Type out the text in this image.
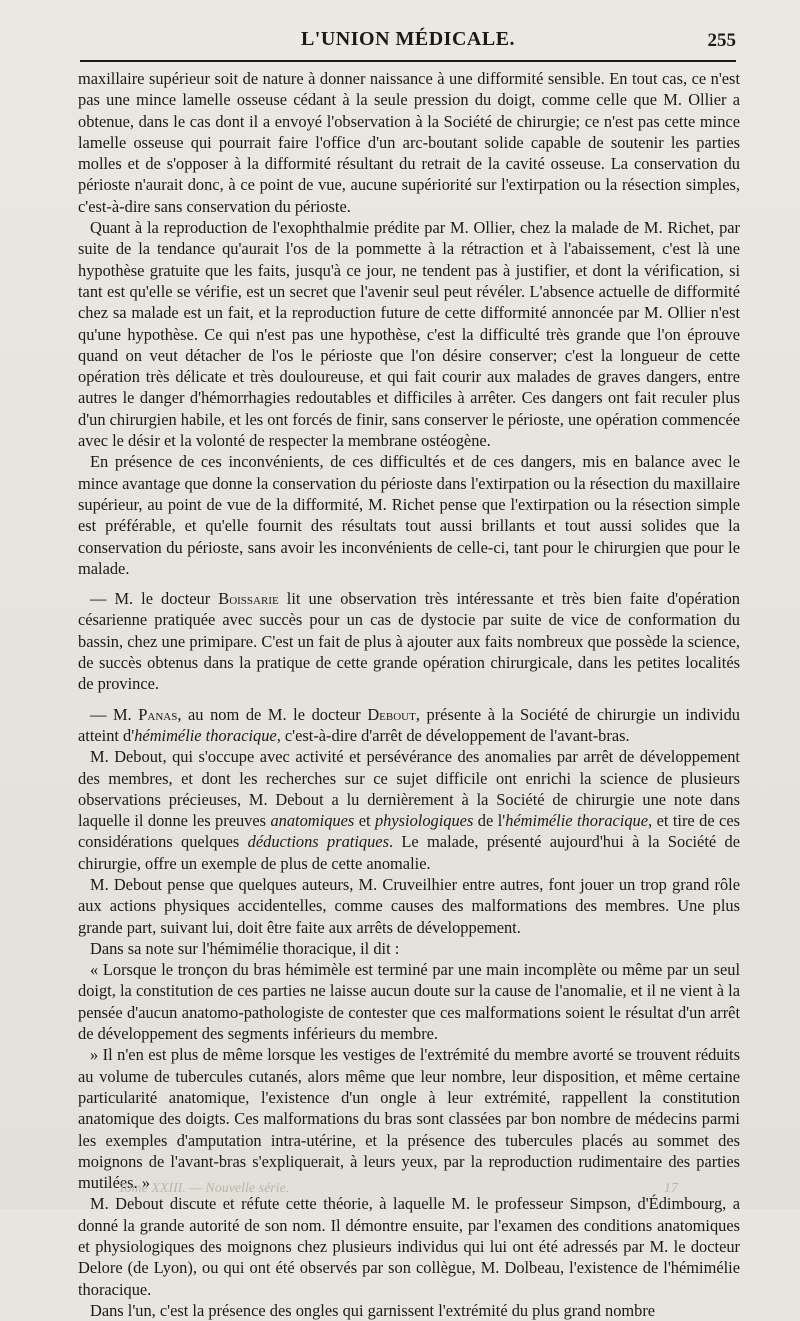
L'UNION MÉDICALE.	255

maxillaire supérieur soit de nature à donner naissance à une difformité sensible. En tout cas, ce n'est pas une mince lamelle osseuse cédant à la seule pression du doigt, comme celle que M. Ollier a obtenue, dans le cas dont il a envoyé l'observation à la Société de chirurgie; ce n'est pas cette mince lamelle osseuse qui pourrait faire l'office d'un arc-boutant solide capable de soutenir les parties molles et de s'opposer à la difformité résultant du retrait de la cavité osseuse. La conservation du périoste n'aurait donc, à ce point de vue, aucune supériorité sur l'extirpation ou la résection simples, c'est-à-dire sans conservation du périoste.

Quant à la reproduction de l'exophthalmie prédite par M. Ollier, chez la malade de M. Richet, par suite de la tendance qu'aurait l'os de la pommette à la rétraction et à l'abaissement, c'est là une hypothèse gratuite que les faits, jusqu'à ce jour, ne tendent pas à justifier, et dont la vérification, si tant est qu'elle se vérifie, est un secret que l'avenir seul peut révéler. L'absence actuelle de difformité chez sa malade est un fait, et la reproduction future de cette difformité annoncée par M. Ollier n'est qu'une hypothèse. Ce qui n'est pas une hypothèse, c'est la difficulté très grande que l'on éprouve quand on veut détacher de l'os le périoste que l'on désire conserver; c'est la longueur de cette opération très délicate et très douloureuse, et qui fait courir aux malades de graves dangers, entre autres le danger d'hémorrhagies redoutables et difficiles à arrêter. Ces dangers ont fait reculer plus d'un chirurgien habile, et les ont forcés de finir, sans conserver le périoste, une opération commencée avec le désir et la volonté de respecter la membrane ostéogène.

En présence de ces inconvénients, de ces difficultés et de ces dangers, mis en balance avec le mince avantage que donne la conservation du périoste dans l'extirpation ou la résection du maxillaire supérieur, au point de vue de la difformité, M. Richet pense que l'extirpation ou la résection simple est préférable, et qu'elle fournit des résultats tout aussi brillants et tout aussi solides que la conservation du périoste, sans avoir les inconvénients de celle-ci, tant pour le chirurgien que pour le malade.

— M. le docteur Boissarie lit une observation très intéressante et très bien faite d'opération césarienne pratiquée avec succès pour un cas de dystocie par suite de vice de conformation du bassin, chez une primipare. C'est un fait de plus à ajouter aux faits nombreux que possède la science, de succès obtenus dans la pratique de cette grande opération chirurgicale, dans les petites localités de province.

— M. Panas, au nom de M. le docteur Debout, présente à la Société de chirurgie un individu atteint d'hémimélie thoracique, c'est-à-dire d'arrêt de développement de l'avant-bras.

M. Debout, qui s'occupe avec activité et persévérance des anomalies par arrêt de développement des membres, et dont les recherches sur ce sujet difficile ont enrichi la science de plusieurs observations précieuses, M. Debout a lu dernièrement à la Société de chirurgie une note dans laquelle il donne les preuves anatomiques et physiologiques de l'hémimélie thoracique, et tire de ces considérations quelques déductions pratiques. Le malade, présenté aujourd'hui à la Société de chirurgie, offre un exemple de plus de cette anomalie.

M. Debout pense que quelques auteurs, M. Cruveilhier entre autres, font jouer un trop grand rôle aux actions physiques accidentelles, comme causes des malformations des membres. Une plus grande part, suivant lui, doit être faite aux arrêts de développement.

Dans sa note sur l'hémimélie thoracique, il dit :

« Lorsque le tronçon du bras hémimèle est terminé par une main incomplète ou même par un seul doigt, la constitution de ces parties ne laisse aucun doute sur la cause de l'anomalie, et il ne vient à la pensée d'aucun anatomo-pathologiste de contester que ces malformations soient le résultat d'un arrêt de développement des segments inférieurs du membre.

» Il n'en est plus de même lorsque les vestiges de l'extrémité du membre avorté se trouvent réduits au volume de tubercules cutanés, alors même que leur nombre, leur disposition, et même certaine particularité anatomique, l'existence d'un ongle à leur extrémité, rappellent la constitution anatomique des doigts. Ces malformations du bras sont classées par bon nombre de médecins parmi les exemples d'amputation intra-utérine, et la présence des tubercules placés au sommet des moignons de l'avant-bras s'expliquerait, à leurs yeux, par la reproduction rudimentaire des parties mutilées. »

M. Debout discute et réfute cette théorie, à laquelle M. le professeur Simpson, d'Édimbourg, a donné la grande autorité de son nom. Il démontre ensuite, par l'examen des conditions anatomiques et physiologiques des moignons chez plusieurs individus qui lui ont été adressés par M. le docteur Delore (de Lyon), ou qui ont été observés par son collègue, M. Dolbeau, l'existence de l'hémimélie thoracique.

Dans l'un, c'est la présence des ongles qui garnissent l'extrémité du plus grand nombre

Tome XXIII. — Nouvelle série.	17
